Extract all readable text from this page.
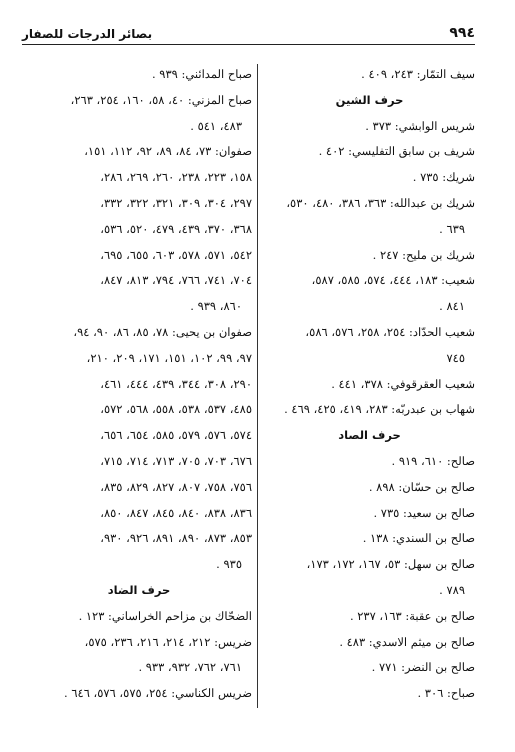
٩٩٤
بصائر الدرجات للصفار
سيف التمّار: ٢٤٣، ٤٠٩ .
حرف الشين
شريس الوابشي: ٣٧٣ .
شريف بن سابق التفليسي: ٤٠٢ .
شريك: ٧٣٥ .
شريك بن عبدالله: ٣٦٣، ٣٨٦، ٤٨٠، ٥٣٠،
٦٣٩ .
شريك بن مليح: ٢٤٧ .
شعيب: ١٨٣، ٤٤٤، ٥٧٤، ٥٨٥، ٥٨٧،
٨٤١ .
شعيب الحدّاد: ٢٥٤، ٢٥٨، ٥٧٦، ٥٨٦،
٧٤٥
شعيب العقرقوفي: ٣٧٨، ٤٤١ .
شهاب بن عبدربّه: ٢٨٣، ٤١٩، ٤٢٥، ٤٦٩ .
حرف الصاد
صالح: ٦١٠، ٩١٩ .
صالح بن حسّان: ٨٩٨ .
صالح بن سعيد: ٧٣٥ .
صالح بن السندي: ١٣٨ .
صالح بن سهل: ٥٣، ١٦٧، ١٧٢، ١٧٣،
٧٨٩ .
صالح بن عقبة: ١٦٣، ٢٣٧ .
صالح بن ميثم الاسدي: ٤٨٣ .
صالح بن النضر: ٧٧١ .
صباح: ٣٠٦ .
صباح المدائني: ٩٣٩ .
صباح المزني: ٤٠، ٥٨، ١٦٠، ٢٥٤، ٢٦٣،
٤٨٣، ٥٤١ .
صفوان: ٧٣، ٨٤، ٨٩، ٩٢، ١١٢، ١٥١،
١٥٨، ٢٢٣، ٢٣٨، ٢٦٠، ٢٦٩، ٢٨٦،
٢٩٧، ٣٠٤، ٣٠٩، ٣٢١، ٣٢٢، ٣٣٢،
٣٦٨، ٣٧٠، ٤٣٩، ٤٧٩، ٥٢٠، ٥٣٦،
٥٤٢، ٥٧١، ٥٧٨، ٦٠٣، ٦٥٥، ٦٩٥،
٧٠٤، ٧٤١، ٧٦٦، ٧٩٤، ٨١٣، ٨٤٧،
٨٦٠، ٩٣٩ .
صفوان بن يحيى: ٧٨، ٨٥، ٨٦، ٩٠، ٩٤،
٩٧، ٩٩، ١٠٢، ١٥١، ١٧١، ٢٠٩، ٢١٠،
٢٩٠، ٣٠٨، ٣٤٤، ٤٣٩، ٤٤٤، ٤٦١،
٤٨٥، ٥٣٧، ٥٣٨، ٥٥٨، ٥٦٨، ٥٧٢،
٥٧٤، ٥٧٦، ٥٧٩، ٥٨٥، ٦٥٤، ٦٥٦،
٦٧٦، ٧٠٣، ٧٠٥، ٧١٣، ٧١٤، ٧١٥،
٧٥٦، ٧٥٨، ٨٠٧، ٨٢٧، ٨٢٩، ٨٣٥،
٨٣٦، ٨٣٨، ٨٤٠، ٨٤٥، ٨٤٧، ٨٥٠،
٨٥٣، ٨٧٣، ٨٩٠، ٨٩١، ٩٢٦، ٩٣٠،
٩٣٥ .
حرف الضاد
الضحّاك بن مزاحم الخراساني: ١٢٣ .
ضريس: ٢١٢، ٢١٤، ٢١٦، ٢٣٦، ٥٧٥،
٧٦١، ٧٦٢، ٩٣٢، ٩٣٣ .
ضريس الكناسي: ٢٥٤، ٥٧٥، ٥٧٦، ٦٤٦ .
